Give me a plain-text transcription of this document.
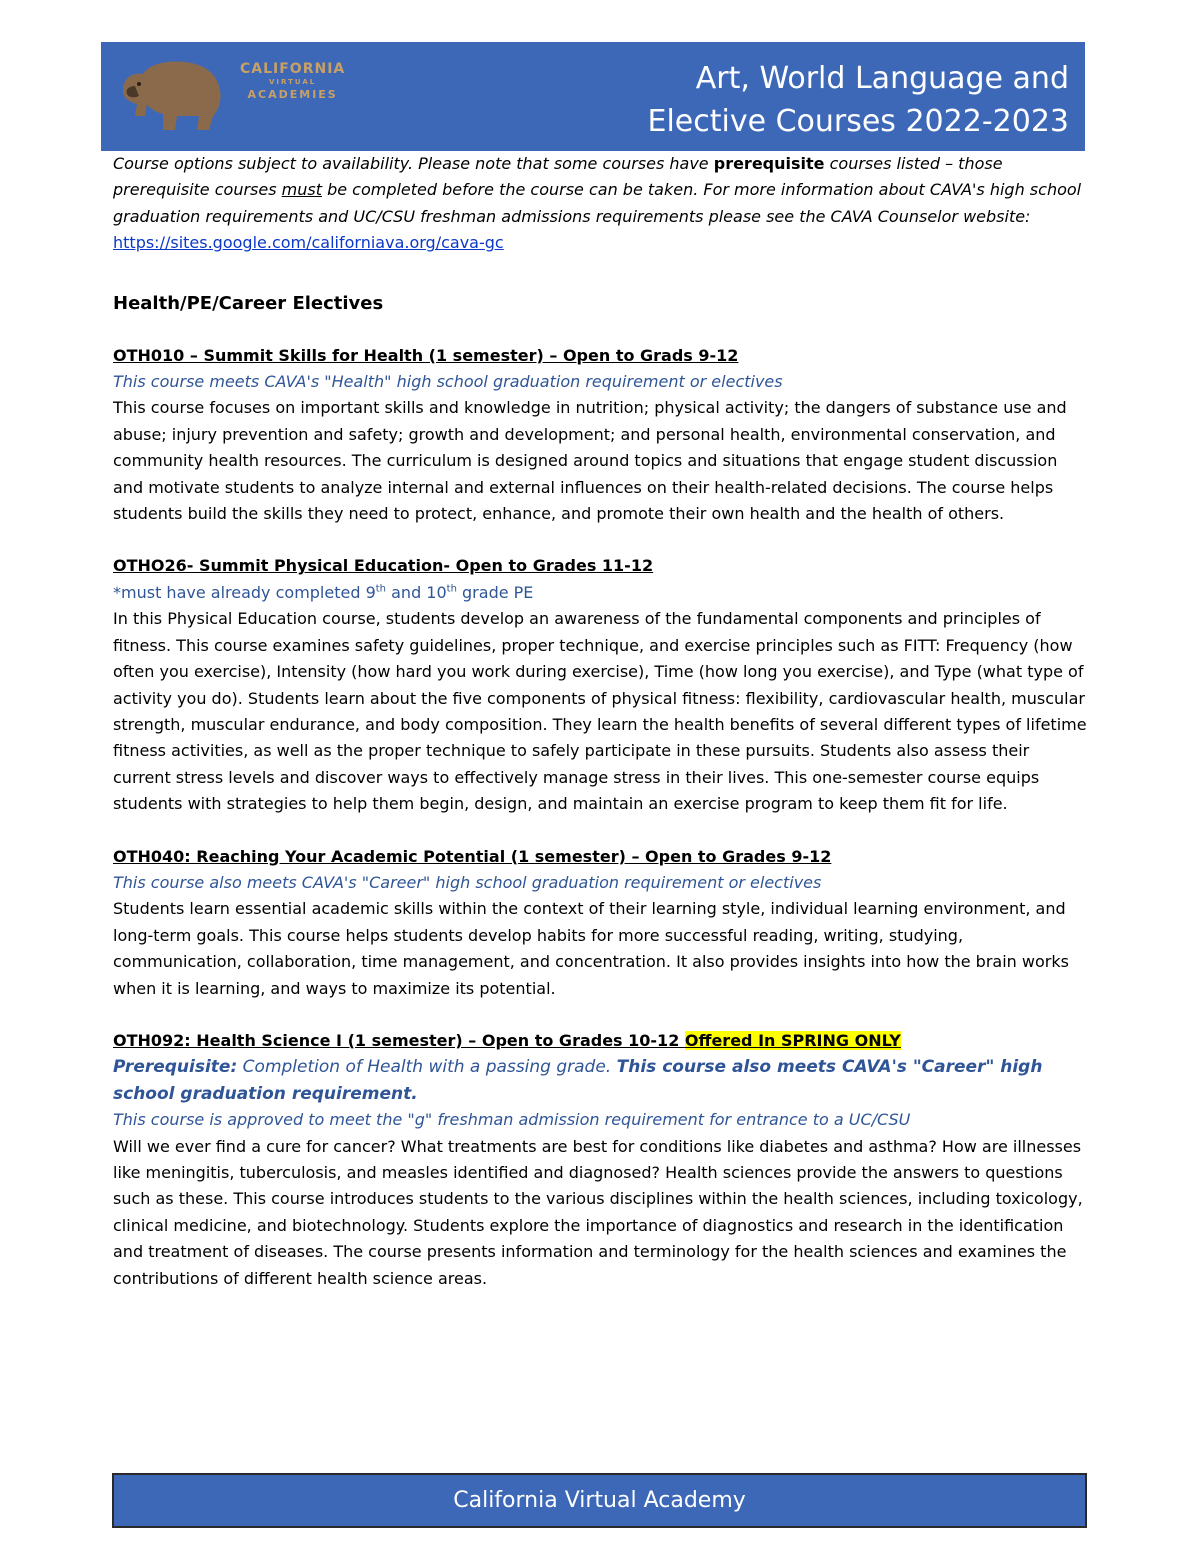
CALIFORNIA
VIRTUAL
ACADEMIES	Art, World Language and
Elective Courses 2022-2023

Course options subject to availability. Please note that some courses have prerequisite courses listed – those prerequisite courses must be completed before the course can be taken. For more information about CAVA's high school graduation requirements and UC/CSU freshman admissions requirements please see the CAVA Counselor website: https://sites.google.com/californiava.org/cava-gc

Health/PE/Career Electives

OTH010 – Summit Skills for Health (1 semester) – Open to Grads 9-12

This course meets CAVA's "Health" high school graduation requirement or electives

This course focuses on important skills and knowledge in nutrition; physical activity; the dangers of substance use and abuse; injury prevention and safety; growth and development; and personal health, environmental conservation, and community health resources. The curriculum is designed around topics and situations that engage student discussion and motivate students to analyze internal and external influences on their health-related decisions. The course helps students build the skills they need to protect, enhance, and promote their own health and the health of others.

OTHO26- Summit Physical Education- Open to Grades 11-12

*must have already completed 9th and 10th grade PE

In this Physical Education course, students develop an awareness of the fundamental components and principles of fitness. This course examines safety guidelines, proper technique, and exercise principles such as FITT: Frequency (how often you exercise), Intensity (how hard you work during exercise), Time (how long you exercise), and Type (what type of activity you do). Students learn about the five components of physical fitness: flexibility, cardiovascular health, muscular strength, muscular endurance, and body composition. They learn the health benefits of several different types of lifetime fitness activities, as well as the proper technique to safely participate in these pursuits. Students also assess their current stress levels and discover ways to effectively manage stress in their lives. This one-semester course equips students with strategies to help them begin, design, and maintain an exercise program to keep them fit for life.

OTH040: Reaching Your Academic Potential (1 semester) – Open to Grades 9-12

This course also meets CAVA's "Career" high school graduation requirement or electives

Students learn essential academic skills within the context of their learning style, individual learning environment, and long-term goals. This course helps students develop habits for more successful reading, writing, studying, communication, collaboration, time management, and concentration. It also provides insights into how the brain works when it is learning, and ways to maximize its potential.

OTH092: Health Science I (1 semester) – Open to Grades 10-12 Offered In SPRING ONLY

Prerequisite: Completion of Health with a passing grade. This course also meets CAVA's "Career" high school graduation requirement.

This course is approved to meet the "g" freshman admission requirement for entrance to a UC/CSU

Will we ever find a cure for cancer? What treatments are best for conditions like diabetes and asthma? How are illnesses like meningitis, tuberculosis, and measles identified and diagnosed? Health sciences provide the answers to questions such as these. This course introduces students to the various disciplines within the health sciences, including toxicology, clinical medicine, and biotechnology. Students explore the importance of diagnostics and research in the identification and treatment of diseases. The course presents information and terminology for the health sciences and examines the contributions of different health science areas.

California Virtual Academy
